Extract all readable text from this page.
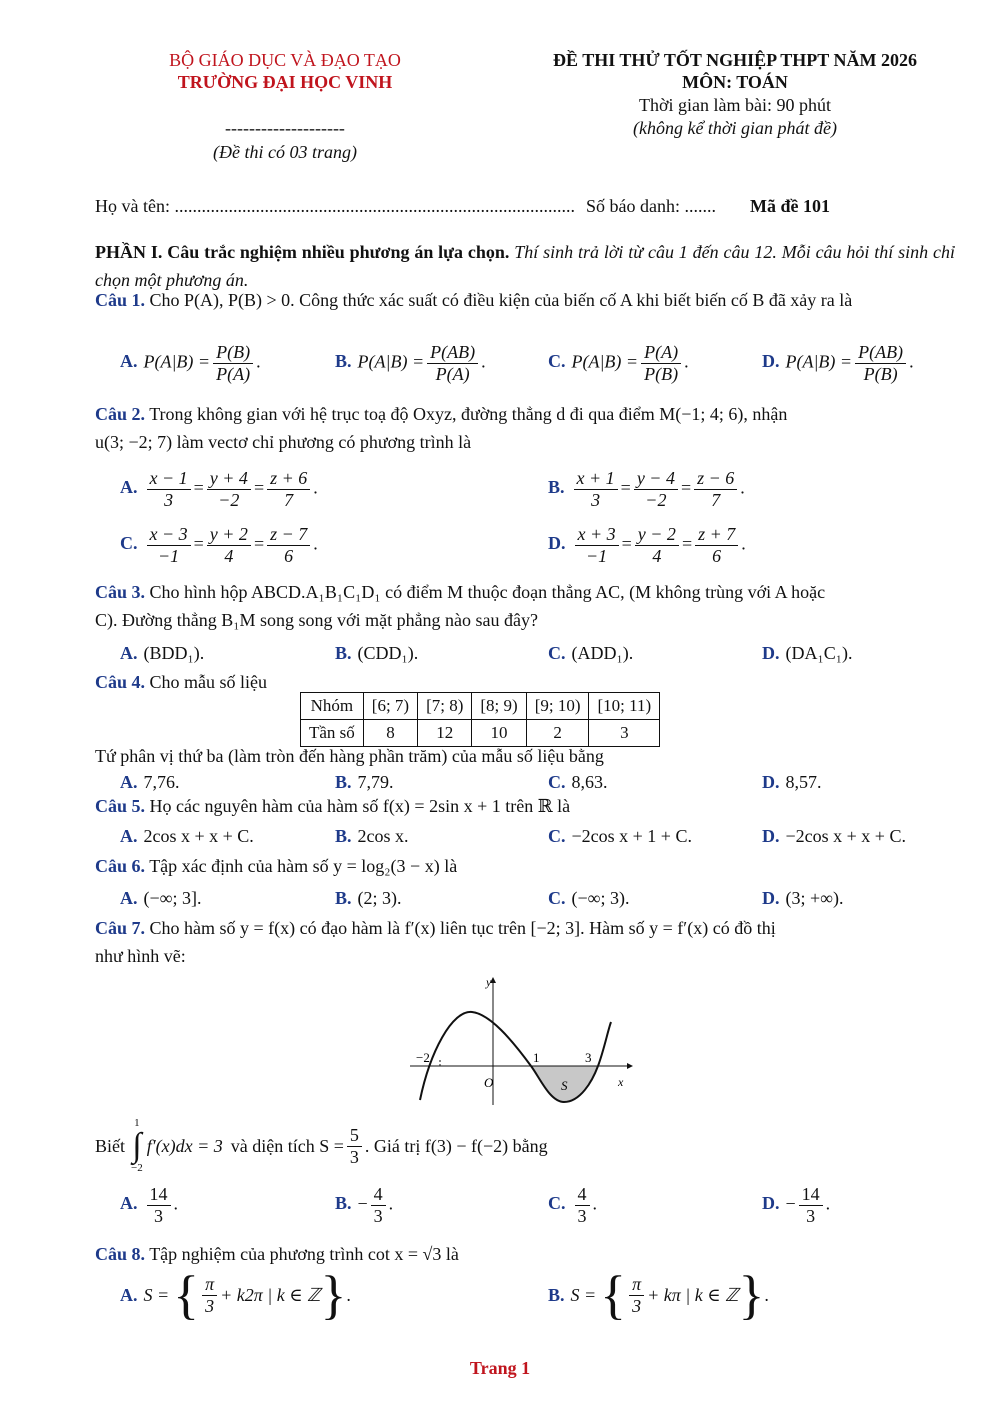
BỘ GIÁO DỤC VÀ ĐẠO TẠO
TRƯỜNG ĐẠI HỌC VINH
--------------------
(Đề thi có 03 trang)
ĐỀ THI THỬ TỐT NGHIỆP THPT NĂM 2026
MÔN: TOÁN
Thời gian làm bài: 90 phút
(không kể thời gian phát đề)
Họ và tên: ......................................................................................... Số báo danh: ....... Mã đề 101
PHẦN I. Câu trắc nghiệm nhiều phương án lựa chọn. Thí sinh trả lời từ câu 1 đến câu 12. Mỗi câu hỏi thí sinh chỉ chọn một phương án.
Câu 1. Cho P(A), P(B) > 0. Công thức xác suất có điều kiện của biến cố A khi biết biến cố B đã xảy ra là
A. $P(A|B) = \frac{P(B)}{P(A)}$ .	B. $P(A|B) = \frac{P(AB)}{P(A)}$ .	C. $P(A|B) = \frac{P(A)}{P(B)}$ .	D. $P(A|B) = \frac{P(AB)}{P(B)}$ .
Câu 2. Trong không gian với hệ trục toạ độ Oxyz, đường thẳng d đi qua điểm M(−1; 4; 6), nhận
u(3; −2; 7) làm vectơ chỉ phương có phương trình là
A. $\frac{x - 1}{3} = \frac{y + 4}{-2} = \frac{z + 6}{7}$ .	B. $\frac{x + 1}{3} = \frac{y - 4}{-2} = \frac{z - 6}{7}$ .
C. $\frac{x - 3}{-1} = \frac{y + 2}{4} = \frac{z - 7}{6}$ .	D. $\frac{x + 3}{-1} = \frac{y - 2}{4} = \frac{z + 7}{6}$ .
Câu 3. Cho hình hộp ABCD.A₁B₁C₁D₁ có điểm M thuộc đoạn thẳng AC, (M không trùng với A hoặc
C). Đường thẳng B₁M song song với mặt phẳng nào sau đây?
A. (BDD₁).	B. (CDD₁).	C. (ADD₁).	D. (DA₁C₁).
Câu 4. Cho mẫu số liệu
Nhóm	[6; 7)	[7; 8)	[8; 9)	[9; 10)	[10; 11)
Tần số	8	12	10	2	3
Tứ phân vị thứ ba (làm tròn đến hàng phần trăm) của mẫu số liệu bằng
A. 7,76.	B. 7,79.	C. 8,63.	D. 8,57.
Câu 5. Họ các nguyên hàm của hàm số f(x) = 2sin x + 1 trên ℝ là
A. 2cos x + x + C.	B. 2cos x.	C. −2cos x + 1 + C.	D. −2cos x + x + C.
Câu 6. Tập xác định của hàm số y = log₂(3 − x) là
A. (−∞; 3].	B. (2; 3).	C. (−∞; 3).	D. (3; +∞).
Câu 7. Cho hàm số y = f(x) có đạo hàm là f′(x) liên tục trên [−2; 3]. Hàm số y = f′(x) có đồ thị
như hình vẽ:
y
x
O
−2	1	3
S
Biết
1
∫
−2
f′(x)dx = 3 và diện tích $S = \frac{5}{3}$ . Giá trị f(3) − f(−2) bằng
A. $\frac{14}{3}$ .	B. − $\frac{4}{3}$ .	C. $\frac{4}{3}$ .	D. − $\frac{14}{3}$ .
Câu 8. Tập nghiệm của phương trình cot x = √3 là
A. S = { $\frac{\pi}{3} + k2\pi$ | k ∈ ℤ } .	B. S = { $\frac{\pi}{3} + k\pi$ | k ∈ ℤ } .
Trang 1
